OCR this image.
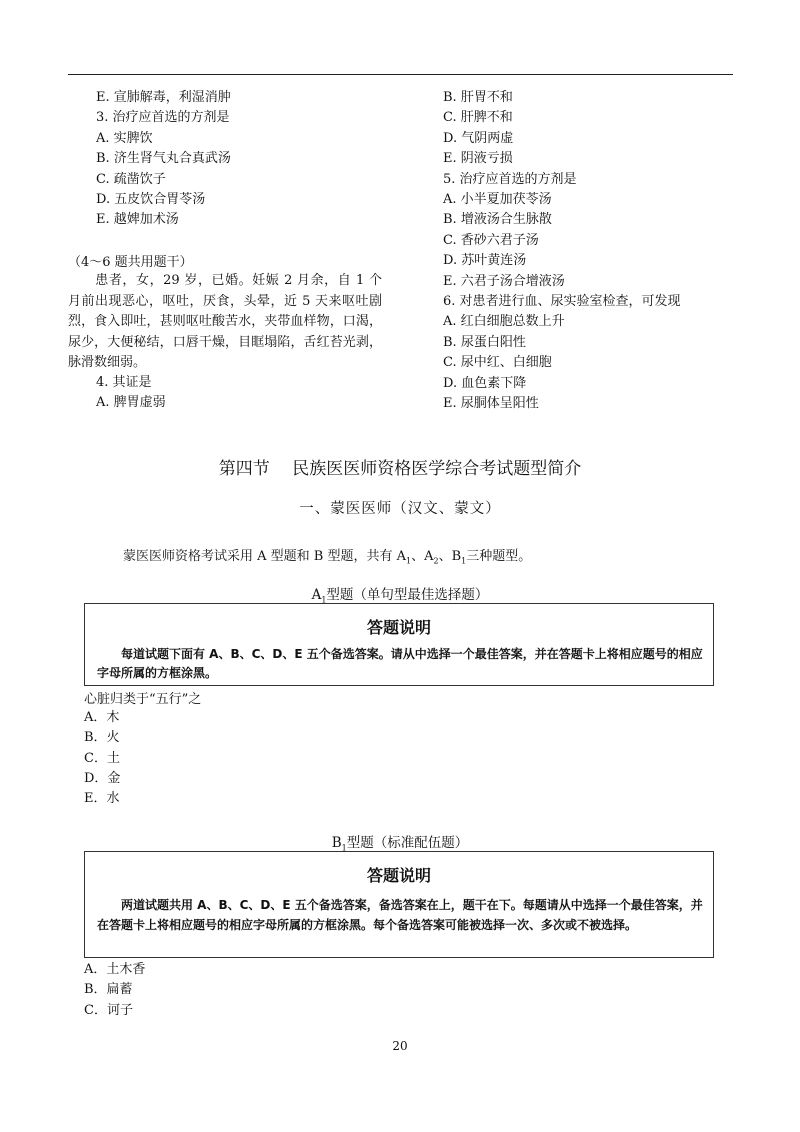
E. 宣肺解毒，利湿消肿
3. 治疗应首选的方剂是
A. 实脾饮
B. 济生肾气丸合真武汤
C. 疏凿饮子
D. 五皮饮合胃苓汤
E. 越婢加术汤
（4～6 题共用题干）
患者，女，29 岁，已婚。妊娠 2 月余，自 1 个月前出现恶心，呕吐，厌食，头晕，近 5 天来呕吐剧烈，食入即吐，甚则呕吐酸苦水，夹带血样物，口渴，尿少，大便秘结，口唇干燥，目眶塌陷，舌红苔光剥，脉滑数细弱。
4. 其证是
A. 脾胃虚弱
B. 肝胃不和
C. 肝脾不和
D. 气阴两虚
E. 阴液亏损
5. 治疗应首选的方剂是
A. 小半夏加茯苓汤
B. 增液汤合生脉散
C. 香砂六君子汤
D. 苏叶黄连汤
E. 六君子汤合增液汤
6. 对患者进行血、尿实验室检查，可发现
A. 红白细胞总数上升
B. 尿蛋白阳性
C. 尿中红、白细胞
D. 血色素下降
E. 尿胴体呈阳性
第四节　 民族医医师资格医学综合考试题型简介
一、蒙医医师（汉文、蒙文）
蒙医医师资格考试采用 A 型题和 B 型题，共有 $A_1$、$A_2$、$B_1$三种题型。
$A_1$型题（单句型最佳选择题）
答题说明
每道试题下面有 A、B、C、D、E 五个备选答案。请从中选择一个最佳答案，并在答题卡上将相应题号的相应字母所属的方框涂黑。
心脏归类于“五行”之
A．木
B．火
C．土
D．金
E．水
$B_1$型题（标准配伍题）
答题说明
两道试题共用 A、B、C、D、E 五个备选答案，备选答案在上，题干在下。每题请从中选择一个最佳答案，并在答题卡上将相应题号的相应字母所属的方框涂黑。每个备选答案可能被选择一次、多次或不被选择。
A．土木香
B．扁蓄
C．诃子
20
